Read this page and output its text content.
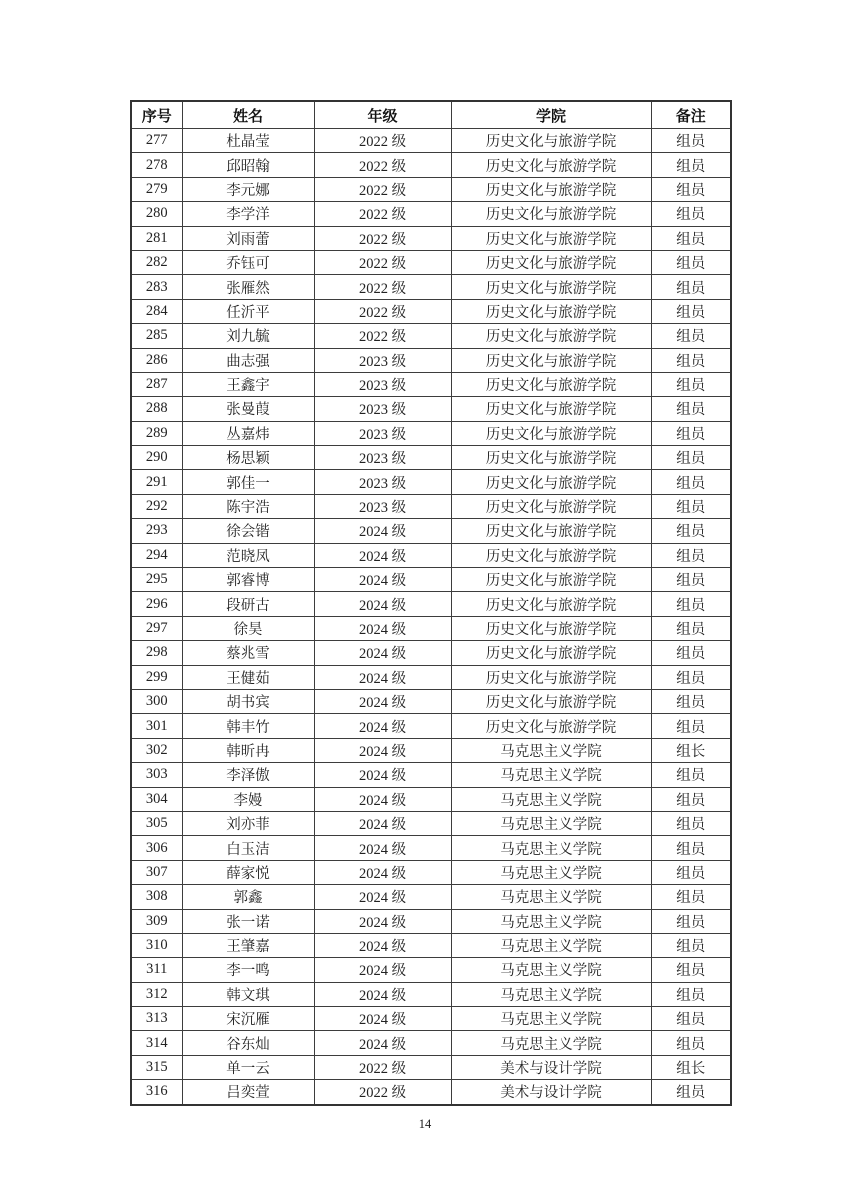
序号	姓名	年级	学院	备注
277	杜晶莹	2022 级	历史文化与旅游学院	组员
278	邱昭翰	2022 级	历史文化与旅游学院	组员
279	李元娜	2022 级	历史文化与旅游学院	组员
280	李学洋	2022 级	历史文化与旅游学院	组员
281	刘雨蕾	2022 级	历史文化与旅游学院	组员
282	乔钰可	2022 级	历史文化与旅游学院	组员
283	张雁然	2022 级	历史文化与旅游学院	组员
284	任沂平	2022 级	历史文化与旅游学院	组员
285	刘九毓	2022 级	历史文化与旅游学院	组员
286	曲志强	2023 级	历史文化与旅游学院	组员
287	王鑫宇	2023 级	历史文化与旅游学院	组员
288	张曼葭	2023 级	历史文化与旅游学院	组员
289	丛嘉炜	2023 级	历史文化与旅游学院	组员
290	杨思颖	2023 级	历史文化与旅游学院	组员
291	郭佳一	2023 级	历史文化与旅游学院	组员
292	陈宇浩	2023 级	历史文化与旅游学院	组员
293	徐会锴	2024 级	历史文化与旅游学院	组员
294	范晓凤	2024 级	历史文化与旅游学院	组员
295	郭睿博	2024 级	历史文化与旅游学院	组员
296	段研古	2024 级	历史文化与旅游学院	组员
297	徐昊	2024 级	历史文化与旅游学院	组员
298	蔡兆雪	2024 级	历史文化与旅游学院	组员
299	王健茹	2024 级	历史文化与旅游学院	组员
300	胡书宾	2024 级	历史文化与旅游学院	组员
301	韩丰竹	2024 级	历史文化与旅游学院	组员
302	韩昕冉	2024 级	马克思主义学院	组长
303	李泽傲	2024 级	马克思主义学院	组员
304	李嫚	2024 级	马克思主义学院	组员
305	刘亦菲	2024 级	马克思主义学院	组员
306	白玉洁	2024 级	马克思主义学院	组员
307	薛家悦	2024 级	马克思主义学院	组员
308	郭鑫	2024 级	马克思主义学院	组员
309	张一诺	2024 级	马克思主义学院	组员
310	王肇嘉	2024 级	马克思主义学院	组员
311	李一鸣	2024 级	马克思主义学院	组员
312	韩文琪	2024 级	马克思主义学院	组员
313	宋沉雁	2024 级	马克思主义学院	组员
314	谷东灿	2024 级	马克思主义学院	组员
315	单一云	2022 级	美术与设计学院	组长
316	吕奕萱	2022 级	美术与设计学院	组员
14
